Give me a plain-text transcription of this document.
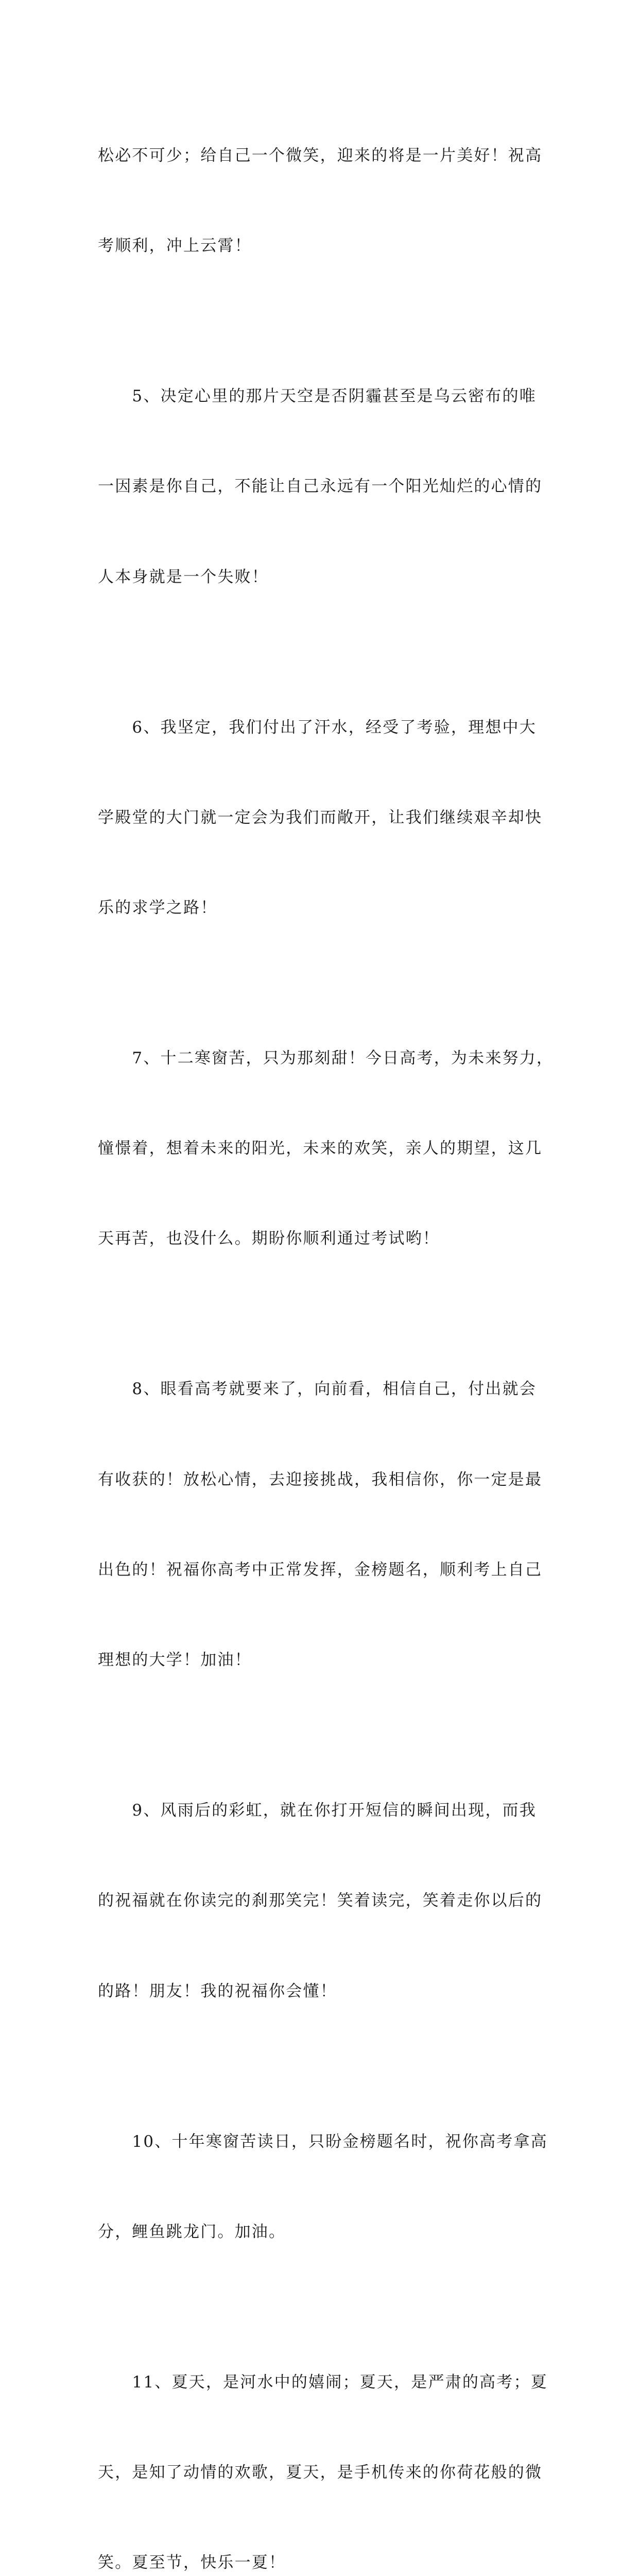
松必不可少；给自己一个微笑，迎来的将是一片美好！祝高

考顺利，冲上云霄！

　　5、决定心里的那片天空是否阴霾甚至是乌云密布的唯

一因素是你自己，不能让自己永远有一个阳光灿烂的心情的

人本身就是一个失败！

　　6、我坚定，我们付出了汗水，经受了考验，理想中大

学殿堂的大门就一定会为我们而敞开，让我们继续艰辛却快

乐的求学之路！

　　7、十二寒窗苦，只为那刻甜！今日高考，为未来努力，

憧憬着，想着未来的阳光，未来的欢笑，亲人的期望，这几

天再苦，也没什么。期盼你顺利通过考试哟！

　　8、眼看高考就要来了，向前看，相信自己，付出就会

有收获的！放松心情，去迎接挑战，我相信你，你一定是最

出色的！祝福你高考中正常发挥，金榜题名，顺利考上自己

理想的大学！加油！

　　9、风雨后的彩虹，就在你打开短信的瞬间出现，而我

的祝福就在你读完的刹那笑完！笑着读完，笑着走你以后的

的路！朋友！我的祝福你会懂！

　　10、十年寒窗苦读日，只盼金榜题名时，祝你高考拿高

分，鲤鱼跳龙门。加油。

　　11、夏天，是河水中的嬉闹；夏天，是严肃的高考；夏

天，是知了动情的欢歌，夏天，是手机传来的你荷花般的微

笑。夏至节，快乐一夏！
